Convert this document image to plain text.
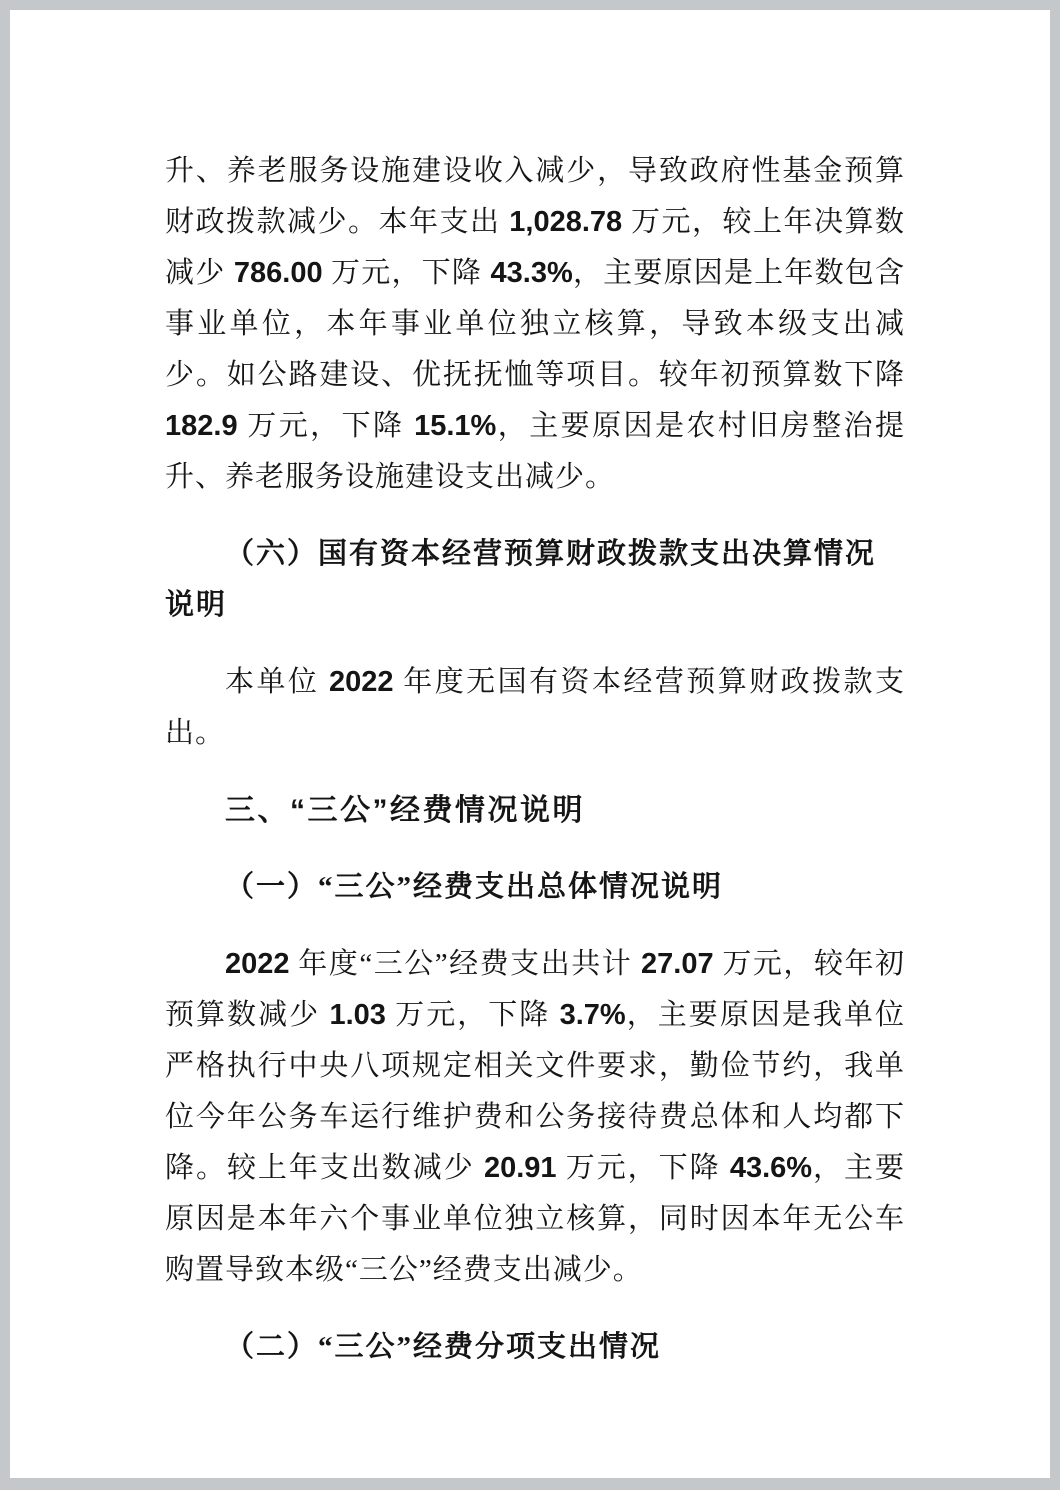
升、养老服务设施建设收入减少，导致政府性基金预算财政拨款减少。本年支出 1,028.78 万元，较上年决算数减少 786.00 万元，下降 43.3%，主要原因是上年数包含事业单位，本年事业单位独立核算，导致本级支出减少。如公路建设、优抚抚恤等项目。较年初预算数下降 182.9 万元，下降 15.1%，主要原因是农村旧房整治提升、养老服务设施建设支出减少。
（六）国有资本经营预算财政拨款支出决算情况说明
本单位 2022 年度无国有资本经营预算财政拨款支出。
三、“三公”经费情况说明
（一）“三公”经费支出总体情况说明
2022 年度“三公”经费支出共计 27.07 万元，较年初预算数减少 1.03 万元，下降 3.7%，主要原因是我单位严格执行中央八项规定相关文件要求，勤俭节约，我单位今年公务车运行维护费和公务接待费总体和人均都下降。较上年支出数减少 20.91 万元，下降 43.6%，主要原因是本年六个事业单位独立核算，同时因本年无公车购置导致本级“三公”经费支出减少。
（二）“三公”经费分项支出情况
